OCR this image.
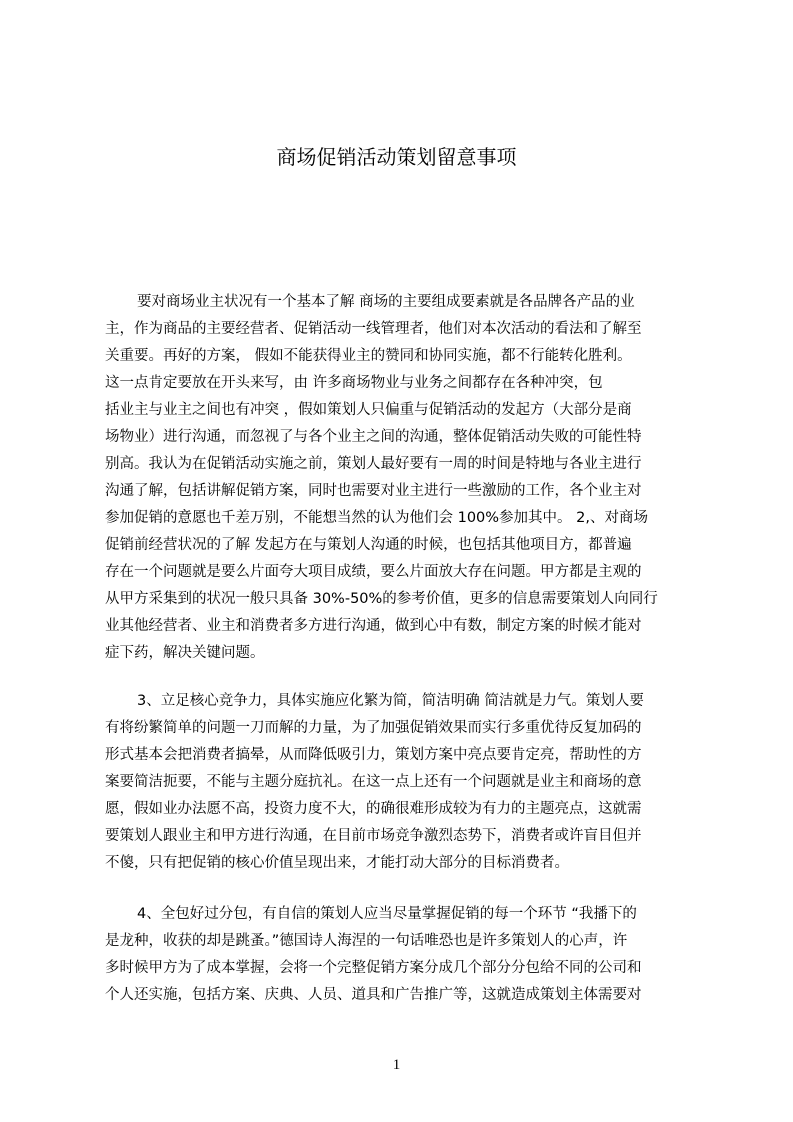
商场促销活动策划留意事项
要对商场业主状况有一个基本了解 商场的主要组成要素就是各品牌各产品的业
主，作为商品的主要经营者、促销活动一线管理者，他们对本次活动的看法和了解至
关重要。再好的方案， 假如不能获得业主的赞同和协同实施，都不行能转化胜利。
这一点肯定要放在开头来写，由 许多商场物业与业务之间都存在各种冲突，包
括业主与业主之间也有冲突 ，假如策划人只偏重与促销活动的发起方（大部分是商
场物业）进行沟通，而忽视了与各个业主之间的沟通，整体促销活动失败的可能性特
别高。我认为在促销活动实施之前，策划人最好要有一周的时间是特地与各业主进行
沟通了解，包括讲解促销方案，同时也需要对业主进行一些激励的工作，各个业主对
参加促销的意愿也千差万别，不能想当然的认为他们会 100%参加其中。 2,、对商场
促销前经营状况的了解 发起方在与策划人沟通的时候，也包括其他项目方，都普遍
存在一个问题就是要么片面夸大项目成绩，要么片面放大存在问题。甲方都是主观的
从甲方采集到的状况一般只具备 30%-50%的参考价值，更多的信息需要策划人向同行
业其他经营者、业主和消费者多方进行沟通，做到心中有数，制定方案的时候才能对
症下药，解决关键问题。
3、立足核心竞争力，具体实施应化繁为简，简洁明确 简洁就是力气。策划人要
有将纷繁简单的问题一刀而解的力量，为了加强促销效果而实行多重优待反复加码的
形式基本会把消费者搞晕，从而降低吸引力，策划方案中亮点要肯定亮，帮助性的方
案要简洁扼要，不能与主题分庭抗礼。在这一点上还有一个问题就是业主和商场的意
愿，假如业办法愿不高，投资力度不大，的确很难形成较为有力的主题亮点，这就需
要策划人跟业主和甲方进行沟通，在目前市场竞争激烈态势下，消费者或许盲目但并
不傻，只有把促销的核心价值呈现出来，才能打动大部分的目标消费者。
4、全包好过分包，有自信的策划人应当尽量掌握促销的每一个环节 “我播下的
是龙种，收获的却是跳蚤。”德国诗人海涅的一句话唯恐也是许多策划人的心声，许
多时候甲方为了成本掌握，会将一个完整促销方案分成几个部分分包给不同的公司和
个人还实施，包括方案、庆典、人员、道具和广告推广等，这就造成策划主体需要对
1
